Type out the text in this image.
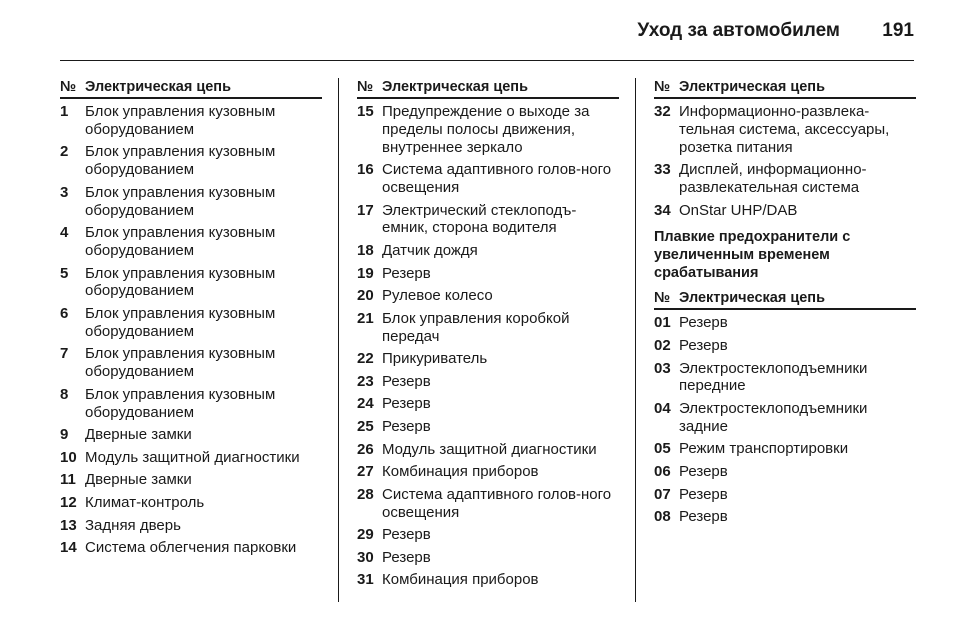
Уход за автомобилем	191
№ Электрическая цепь
1	Блок управления кузовным оборудованием
2	Блок управления кузовным оборудованием
3	Блок управления кузовным оборудованием
4	Блок управления кузовным оборудованием
5	Блок управления кузовным оборудованием
6	Блок управления кузовным оборудованием
7	Блок управления кузовным оборудованием
8	Блок управления кузовным оборудованием
9	Дверные замки
10 Модуль защитной диагностики
11 Дверные замки
12 Климат-контроль
13 Задняя дверь
14 Система облегчения парковки
№ Электрическая цепь
15 Предупреждение о выходе за пределы полосы движения, внутреннее зеркало
16 Система адаптивного голов-ного освещения
17 Электрический стеклоподъ-емник, сторона водителя
18 Датчик дождя
19 Резерв
20 Рулевое колесо
21 Блок управления коробкой передач
22 Прикуриватель
23 Резерв
24 Резерв
25 Резерв
26 Модуль защитной диагностики
27 Комбинация приборов
28 Система адаптивного голов-ного освещения
29 Резерв
30 Резерв
31 Комбинация приборов
№ Электрическая цепь
32 Информационно-развлека-тельная система, аксессуары, розетка питания
33 Дисплей, информационно-развлекательная система
34 OnStar UHP/DAB
Плавкие предохранители с увеличенным временем срабатывания
№ Электрическая цепь
01 Резерв
02 Резерв
03 Электростеклоподъемники передние
04 Электростеклоподъемники задние
05 Режим транспортировки
06 Резерв
07 Резерв
08 Резерв
